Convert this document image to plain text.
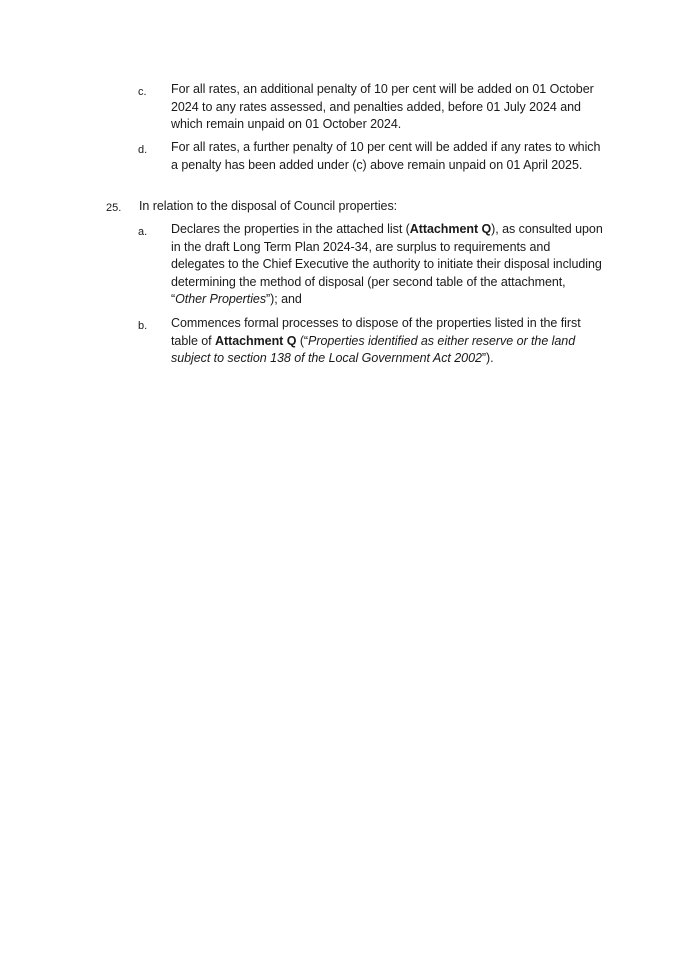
c. For all rates, an additional penalty of 10 per cent will be added on 01 October 2024 to any rates assessed, and penalties added, before 01 July 2024 and which remain unpaid on 01 October 2024.

d. For all rates, a further penalty of 10 per cent will be added if any rates to which a penalty has been added under (c) above remain unpaid on 01 April 2025.

25. In relation to the disposal of Council properties:
a. Declares the properties in the attached list (Attachment Q), as consulted upon in the draft Long Term Plan 2024-34, are surplus to requirements and delegates to the Chief Executive the authority to initiate their disposal including determining the method of disposal (per second table of the attachment, “Other Properties”); and

b. Commences formal processes to dispose of the properties listed in the first table of Attachment Q (“Properties identified as either reserve or the land subject to section 138 of the Local Government Act 2002”).
